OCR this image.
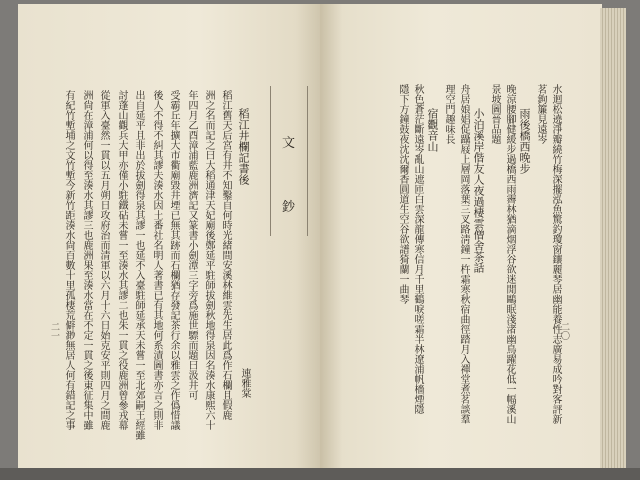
文
鈔
稻江井欄記書後
連雅棠
稻江舊天后宮有井不知鑿自何時光緒間安溪林維雲先生居此爲作石欄且假鹿
洲之名而記之曰大稻通津天妃廟後鄭延平駐師拔劍秋地得泉因名湊水康熙六十
年四月乙酉漳浦藍鹿洲濟記又篆書小劍潭三字旁爲施世驃而題曰汲井可
受霸丘年擴大市衢廟毀井堙已無其跡而石欄猶存發記茶行余以雅雲之作僞惜議
後人不得不糾其謬夫湊水因土番社名明人著書已有其地何系漬圖書亦言之則非
出自延平且非出於拔劍得泉其謬一也延不入臺駐師延承天未嘗一至北郊嗣王經雖
討蓬山觀兵大甲亦僅小駐鐵砧未嘗一至湊水其謬二也朱一貫之役鹿洲曾參戎幕
從軍入臺然一貫以五月朔日攻府治而清軍以六月十六日始克安平則四月之間鹿
洲尙在漳浦何以得至湊水其謬三也鹿洲果至湊水當在不定一貫之後東征集中雖
有紀竹塹埔之文竹塹今新竹距湊水尙百數十里孤棲荒僻渺無居人何有錯記之事
二一	水迴松遶淨瓣繞竹梅深擺泓魚驚釣瓊窗鑲麗琴居幽能養性志廣易成吟對客評新
茗鉤簾見遠岑
雨後橋西晚步
晚涼腰腳健緩步過橋西雨霽林猶滴烟浮谷欲迷閒鷗眠淺渚幽鳥躍花低一幅溪山
景坡圖晉品題
小泊溪岸偕友人夜過棲雲僧舍茶話
舟居娘娼促躡屐上層岡落葉三叉路淸鐘一杵霜寒秋宿曲徑踏月入禪堂煮茗談羣
理空門趣味長
宿觀音山
秋色蒼茫斷遠岑亂山遮匝白雲深龍傳寒信月千里鶴唳嗟霜半林遼浦帆檣煙隱
隱下方鐘鼓夜沈沈爾香圓道生空谷欲譜猗蘭一曲琴
二〇
